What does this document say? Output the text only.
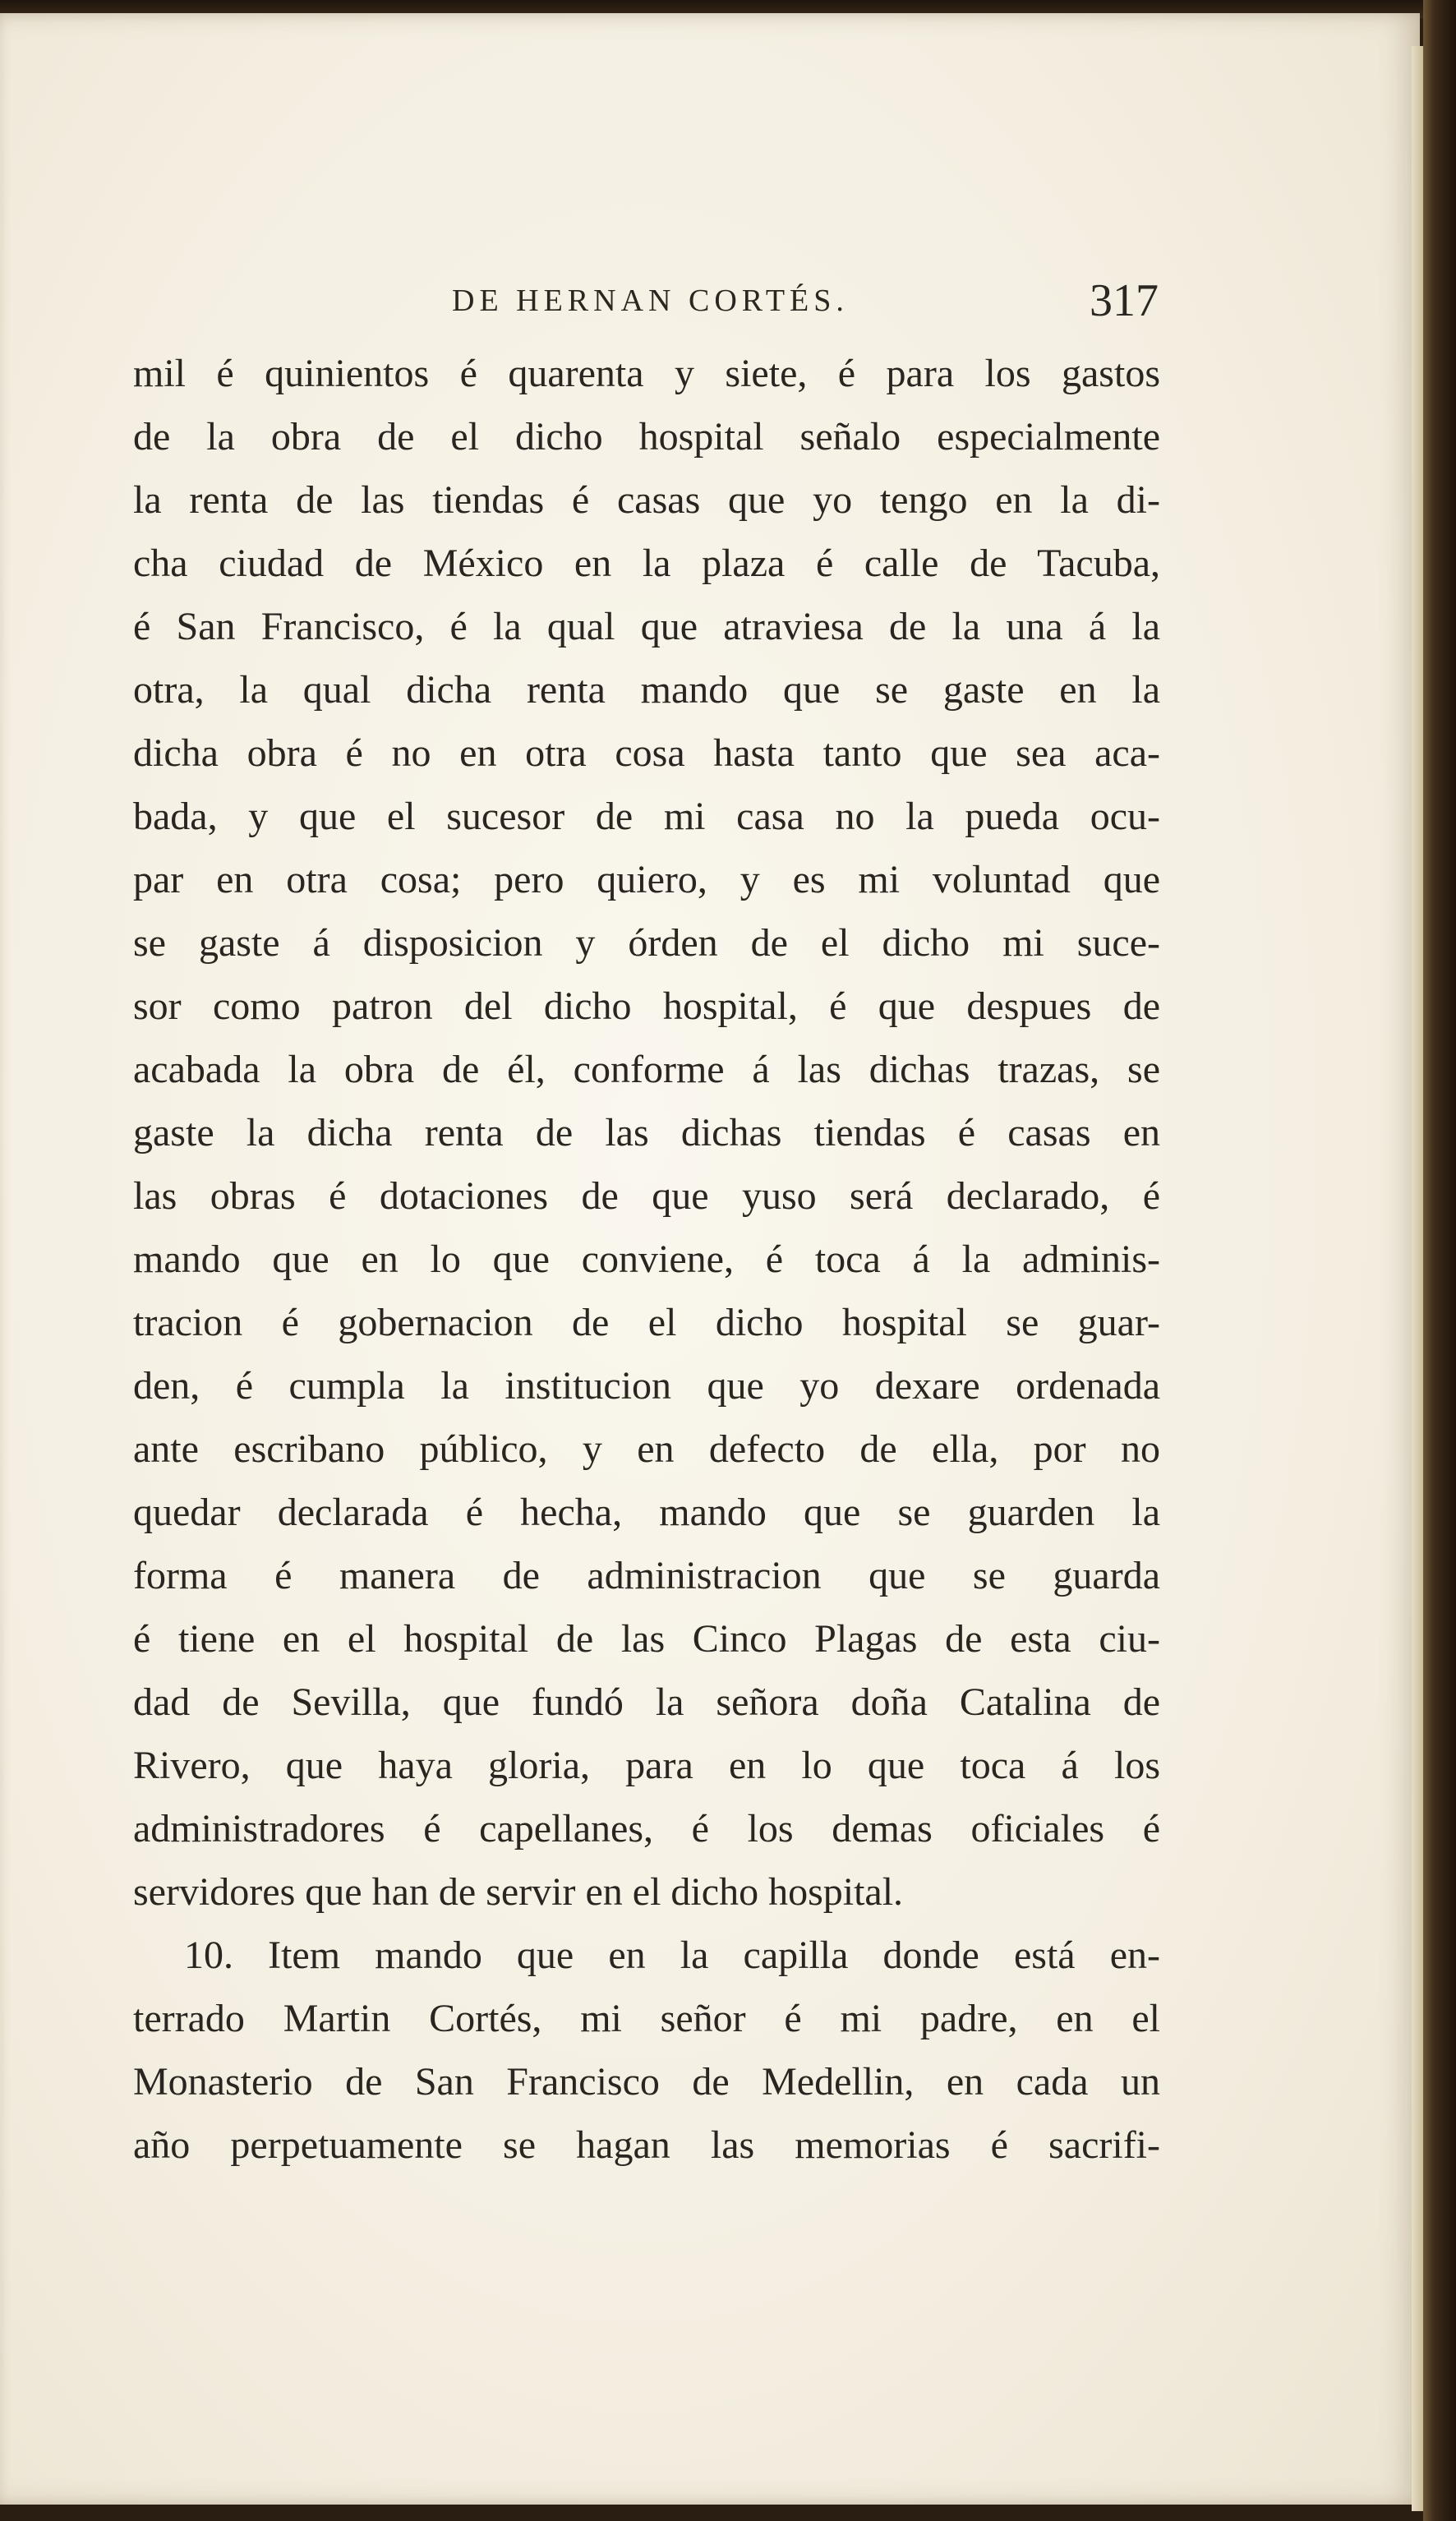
DE HERNAN CORTÉS.	317
mil é quinientos é quarenta y siete, é para los gastos
de la obra de el dicho hospital señalo especialmente
la renta de las tiendas é casas que yo tengo en la di-
cha ciudad de México en la plaza é calle de Tacuba,
é San Francisco, é la qual que atraviesa de la una á la
otra, la qual dicha renta mando que se gaste en la
dicha obra é no en otra cosa hasta tanto que sea aca-
bada, y que el sucesor de mi casa no la pueda ocu-
par en otra cosa; pero quiero, y es mi voluntad que
se gaste á disposicion y órden de el dicho mi suce-
sor como patron del dicho hospital, é que despues de
acabada la obra de él, conforme á las dichas trazas, se
gaste la dicha renta de las dichas tiendas é casas en
las obras é dotaciones de que yuso será declarado, é
mando que en lo que conviene, é toca á la adminis-
tracion é gobernacion de el dicho hospital se guar-
den, é cumpla la institucion que yo dexare ordenada
ante escribano público, y en defecto de ella, por no
quedar declarada é hecha, mando que se guarden la
forma é manera de administracion que se guarda
é tiene en el hospital de las Cinco Plagas de esta ciu-
dad de Sevilla, que fundó la señora doña Catalina de
Rivero, que haya gloria, para en lo que toca á los
administradores é capellanes, é los demas oficiales é
servidores que han de servir en el dicho hospital.
10. Item mando que en la capilla donde está en-
terrado Martin Cortés, mi señor é mi padre, en el
Monasterio de San Francisco de Medellin, en cada un
año perpetuamente se hagan las memorias é sacrifi-
